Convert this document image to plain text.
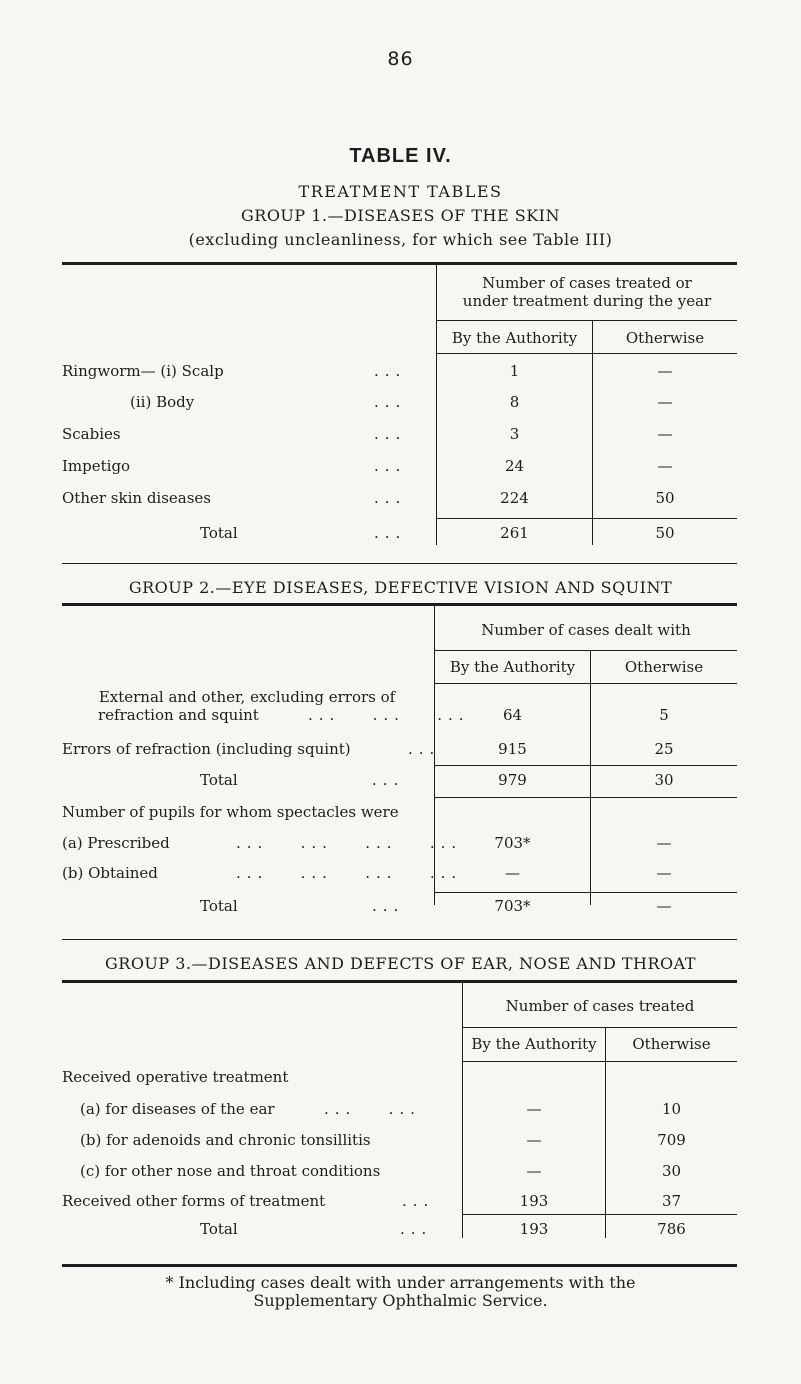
86
TABLE IV.
TREATMENT TABLES
GROUP 1.—DISEASES OF THE SKIN
(excluding uncleanliness, for which see Table III)
Number of cases treated or
under treatment during the year
By the Authority	Otherwise
Ringworm— (i) Scalp	...	1	—
(ii) Body	...	8	—
Scabies	...	3	—
Impetigo	...	24	—
Other skin diseases	...	224	50
Total	...	261	50
GROUP 2.—EYE DISEASES, DEFECTIVE VISION AND SQUINT
Number of cases dealt with
By the Authority	Otherwise
External and other, excluding errors of
refraction and squint	...   ...   ...	64	5
Errors of refraction (including squint)	...	915	25
Total	...	979	30
Number of pupils for whom spectacles were
(a) Prescribed	...   ...   ...   ...	703*	—
(b) Obtained	...   ...   ...   ...	—	—
Total	...	703*	—
GROUP 3.—DISEASES AND DEFECTS OF EAR, NOSE AND THROAT
Number of cases treated
By the Authority	Otherwise
Received operative treatment
(a) for diseases of the ear	...   ...	—	10
(b) for adenoids and chronic tonsillitis	—	709
(c) for other nose and throat conditions	—	30
Received other forms of treatment	...	193	37
Total	...	193	786
* Including cases dealt with under arrangements with the
Supplementary Ophthalmic Service.
